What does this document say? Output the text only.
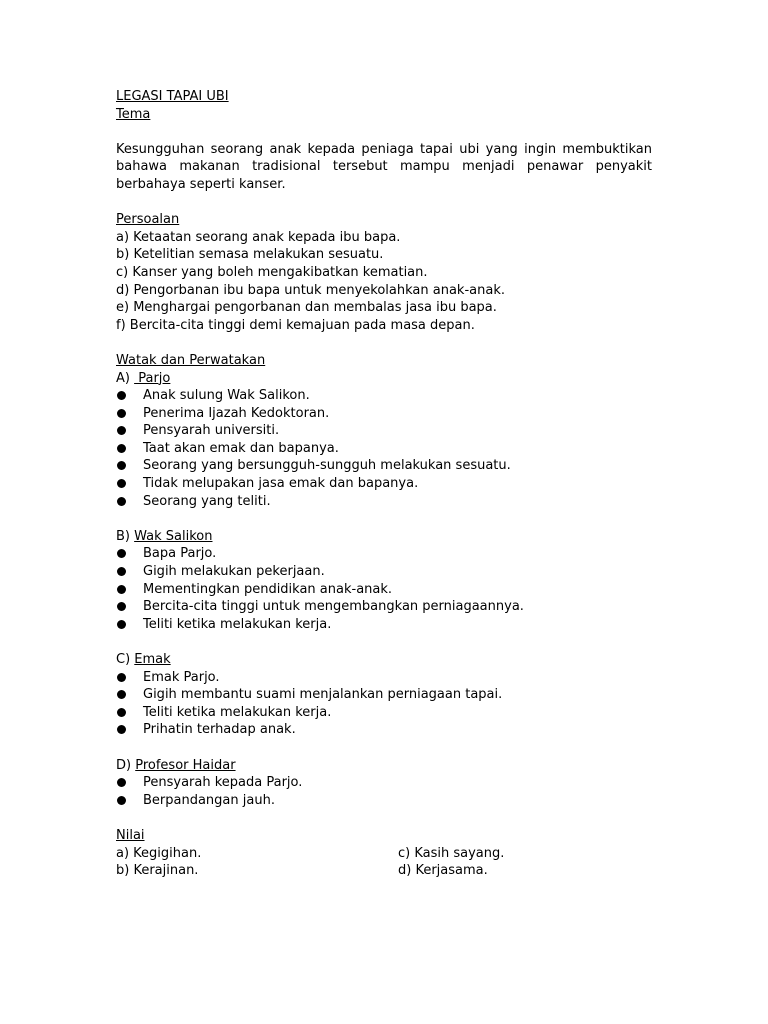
LEGASI TAPAI UBI
Tema

Kesungguhan seorang anak kepada peniaga tapai ubi yang ingin membuktikan bahawa makanan tradisional tersebut mampu menjadi penawar penyakit berbahaya seperti kanser.

Persoalan
a) Ketaatan seorang anak kepada ibu bapa.
b) Ketelitian semasa melakukan sesuatu.
c) Kanser yang boleh mengakibatkan kematian.
d) Pengorbanan ibu bapa untuk menyekolahkan anak-anak.
e) Menghargai pengorbanan dan membalas jasa ibu bapa.
f) Bercita-cita tinggi demi kemajuan pada masa depan.
Watak dan Perwatakan
A)  Parjo
Anak sulung Wak Salikon.
Penerima Ijazah Kedoktoran.
Pensyarah universiti.
Taat akan emak dan bapanya.
Seorang yang bersungguh-sungguh melakukan sesuatu.
Tidak melupakan jasa emak dan bapanya.
Seorang yang teliti.
B) Wak Salikon
Bapa Parjo.
Gigih melakukan pekerjaan.
Mementingkan pendidikan anak-anak.
Bercita-cita tinggi untuk mengembangkan perniagaannya.
Teliti ketika melakukan kerja.
C) Emak
Emak Parjo.
Gigih membantu suami menjalankan perniagaan tapai.
Teliti ketika melakukan kerja.
Prihatin terhadap anak.
D) Profesor Haidar
Pensyarah kepada Parjo.
Berpandangan jauh.
Nilai
a) Kegigihan.	c) Kasih sayang.
b) Kerajinan.	d) Kerjasama.
